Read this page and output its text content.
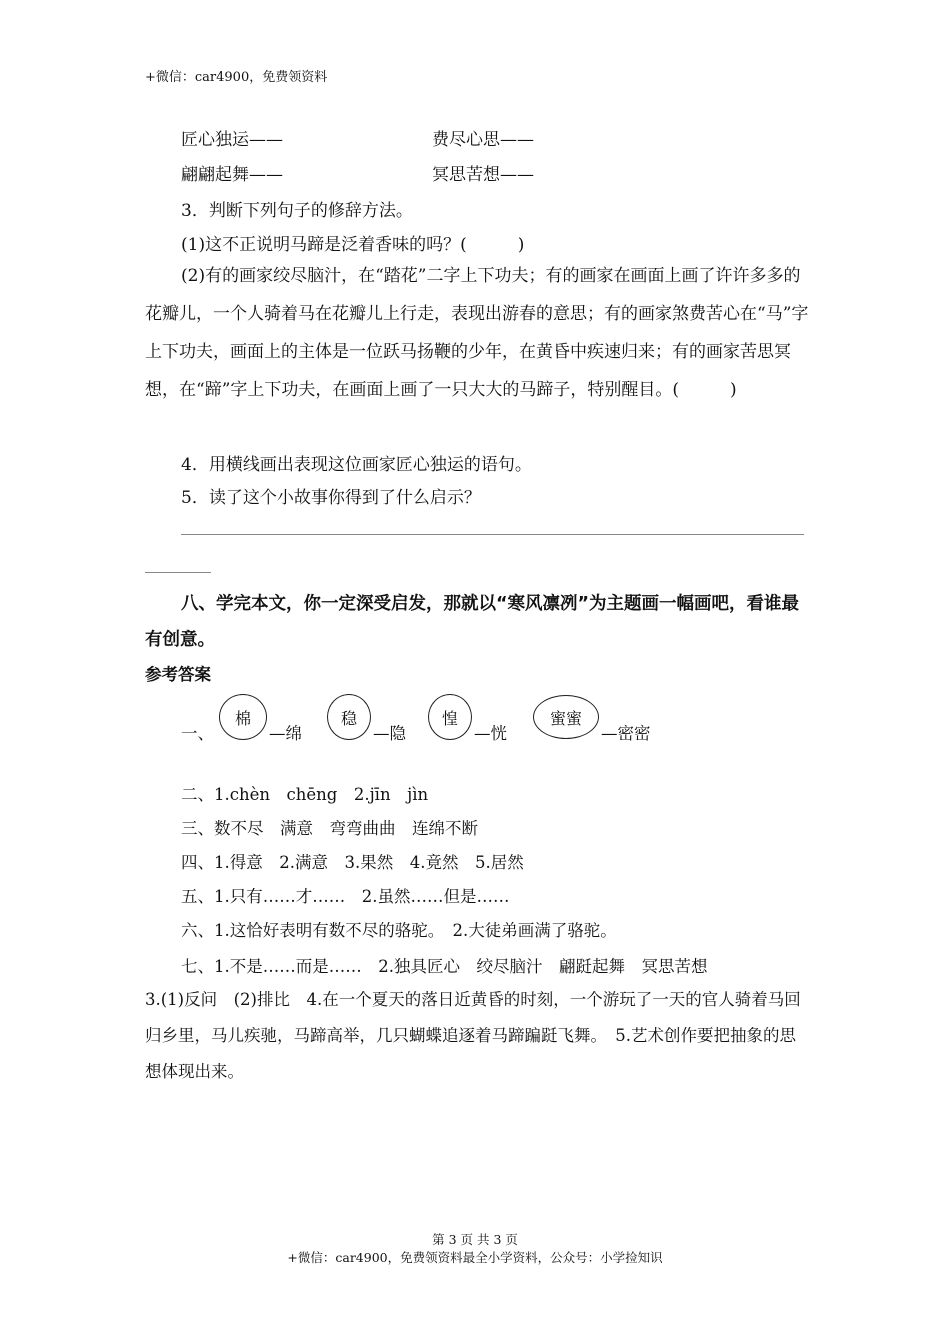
+微信：car4900，免费领资料
匠心独运——	费尽心思——
翩翩起舞——	冥思苦想——
3．判断下列句子的修辞方法。
(1)这不正说明马蹄是泛着香味的吗？(　　　)
(2)有的画家绞尽脑汁，在“踏花”二字上下功夫；有的画家在画面上画了许许多多的花瓣儿，一个人骑着马在花瓣儿上行走，表现出游春的意思；有的画家煞费苦心在“马”字上下功夫，画面上的主体是一位跃马扬鞭的少年，在黄昏中疾速归来；有的画家苦思冥想，在“蹄”字上下功夫，在画面上画了一只大大的马蹄子，特别醒目。(　　　)
4．用横线画出表现这位画家匠心独运的语句。
5．读了这个小故事你得到了什么启示？
八、学完本文，你一定深受启发，那就以“寒风凛冽”为主题画一幅画吧，看谁最有创意。
参考答案
一、
棉
—绵
稳
—隐
惶
—恍
蜜蜜
—密密
二、1.chèn　chēng　2.jīn　jìn
三、数不尽　满意　弯弯曲曲　连绵不断
四、1.得意　2.满意　3.果然　4.竟然　5.居然
五、1.只有……才……　2.虽然……但是……
六、1.这恰好表明有数不尽的骆驼。　2.大徒弟画满了骆驼。
七、1.不是……而是……　2.独具匠心　绞尽脑汁　翩跹起舞　冥思苦想
3.(1)反问　(2)排比　4.在一个夏天的落日近黄昏的时刻，一个游玩了一天的官人骑着马回归乡里，马儿疾驰，马蹄高举，几只蝴蝶追逐着马蹄蹁跹飞舞。　5.艺术创作要把抽象的思想体现出来。
第 3 页 共 3 页
+微信：car4900，免费领资料最全小学资料，公众号：小学捡知识
